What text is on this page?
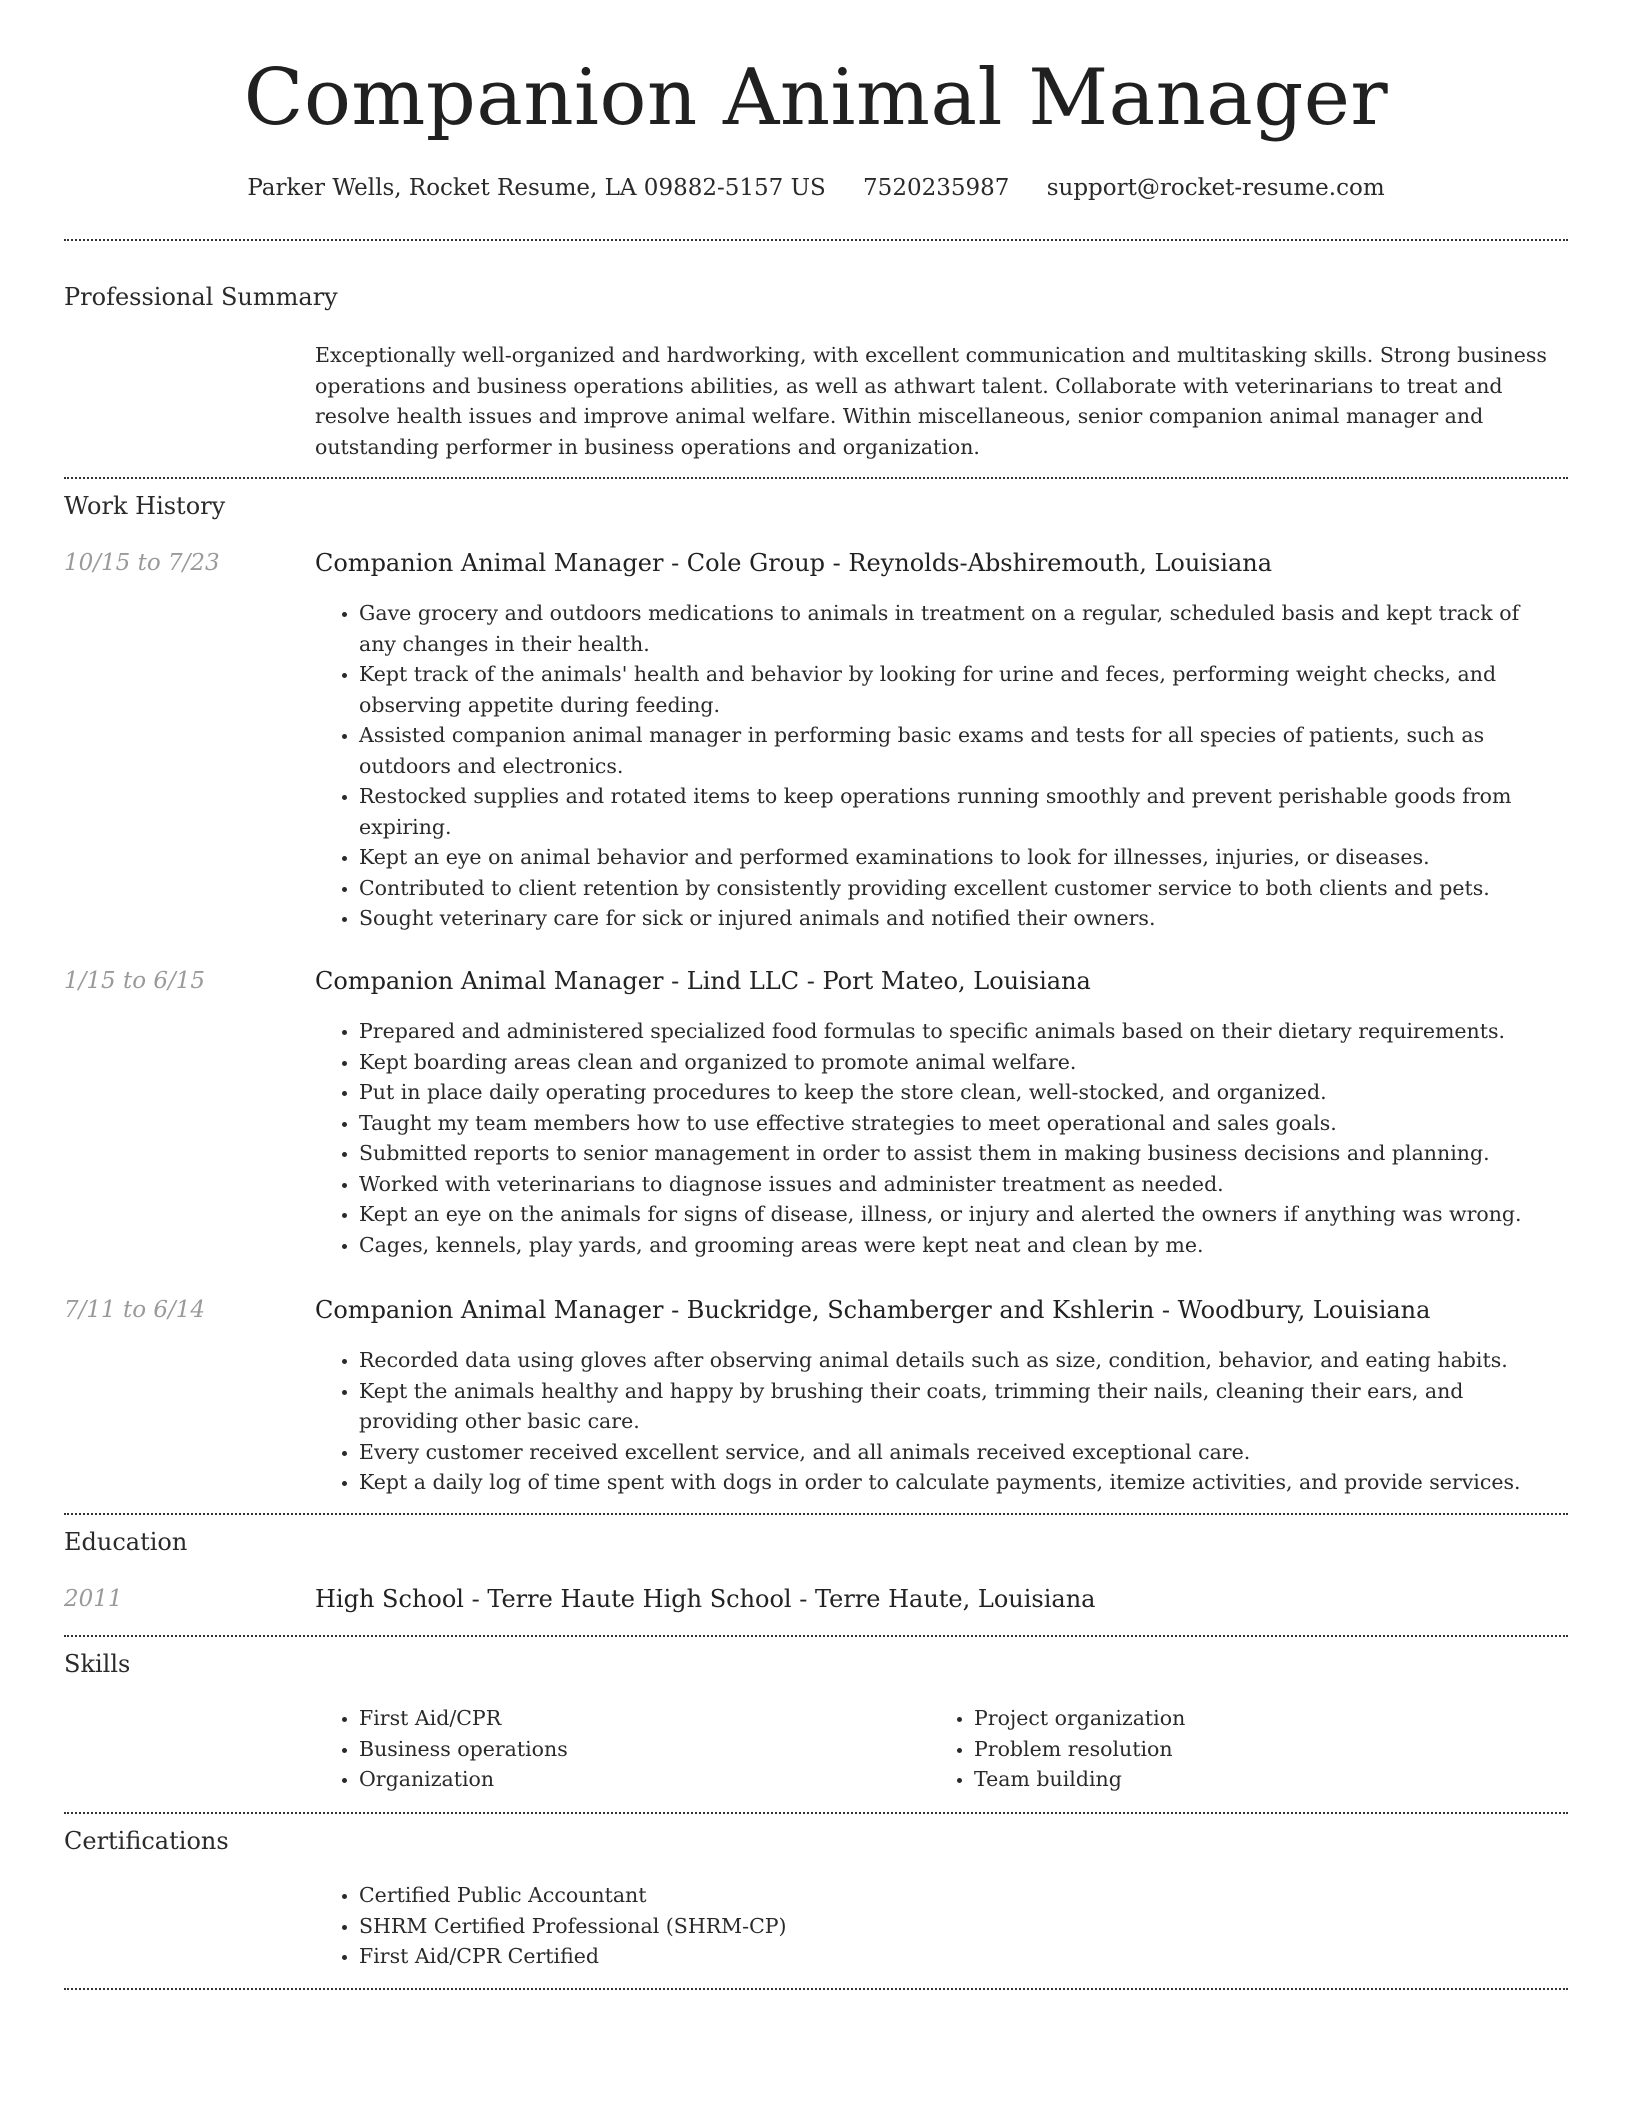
Companion Animal Manager
Parker Wells, Rocket Resume, LA 09882-5157 US 7520235987 support@rocket-resume.com
Professional Summary
Exceptionally well-organized and hardworking, with excellent communication and multitasking skills. Strong business operations and business operations abilities, as well as athwart talent. Collaborate with veterinarians to treat and resolve health issues and improve animal welfare. Within miscellaneous, senior companion animal manager and outstanding performer in business operations and organization.
Work History
10/15 to 7/23	Companion Animal Manager - Cole Group - Reynolds-Abshiremouth, Louisiana
• Gave grocery and outdoors medications to animals in treatment on a regular, scheduled basis and kept track of any changes in their health.
• Kept track of the animals' health and behavior by looking for urine and feces, performing weight checks, and observing appetite during feeding.
• Assisted companion animal manager in performing basic exams and tests for all species of patients, such as outdoors and electronics.
• Restocked supplies and rotated items to keep operations running smoothly and prevent perishable goods from expiring.
• Kept an eye on animal behavior and performed examinations to look for illnesses, injuries, or diseases.
• Contributed to client retention by consistently providing excellent customer service to both clients and pets.
• Sought veterinary care for sick or injured animals and notified their owners.
1/15 to 6/15	Companion Animal Manager - Lind LLC - Port Mateo, Louisiana
• Prepared and administered specialized food formulas to specific animals based on their dietary requirements.
• Kept boarding areas clean and organized to promote animal welfare.
• Put in place daily operating procedures to keep the store clean, well-stocked, and organized.
• Taught my team members how to use effective strategies to meet operational and sales goals.
• Submitted reports to senior management in order to assist them in making business decisions and planning.
• Worked with veterinarians to diagnose issues and administer treatment as needed.
• Kept an eye on the animals for signs of disease, illness, or injury and alerted the owners if anything was wrong.
• Cages, kennels, play yards, and grooming areas were kept neat and clean by me.
7/11 to 6/14	Companion Animal Manager - Buckridge, Schamberger and Kshlerin - Woodbury, Louisiana
• Recorded data using gloves after observing animal details such as size, condition, behavior, and eating habits.
• Kept the animals healthy and happy by brushing their coats, trimming their nails, cleaning their ears, and providing other basic care.
• Every customer received excellent service, and all animals received exceptional care.
• Kept a daily log of time spent with dogs in order to calculate payments, itemize activities, and provide services.
Education
2011	High School - Terre Haute High School - Terre Haute, Louisiana
Skills
• First Aid/CPR
• Business operations
• Organization
• Project organization
• Problem resolution
• Team building
Certifications
• Certified Public Accountant
• SHRM Certified Professional (SHRM-CP)
• First Aid/CPR Certified
